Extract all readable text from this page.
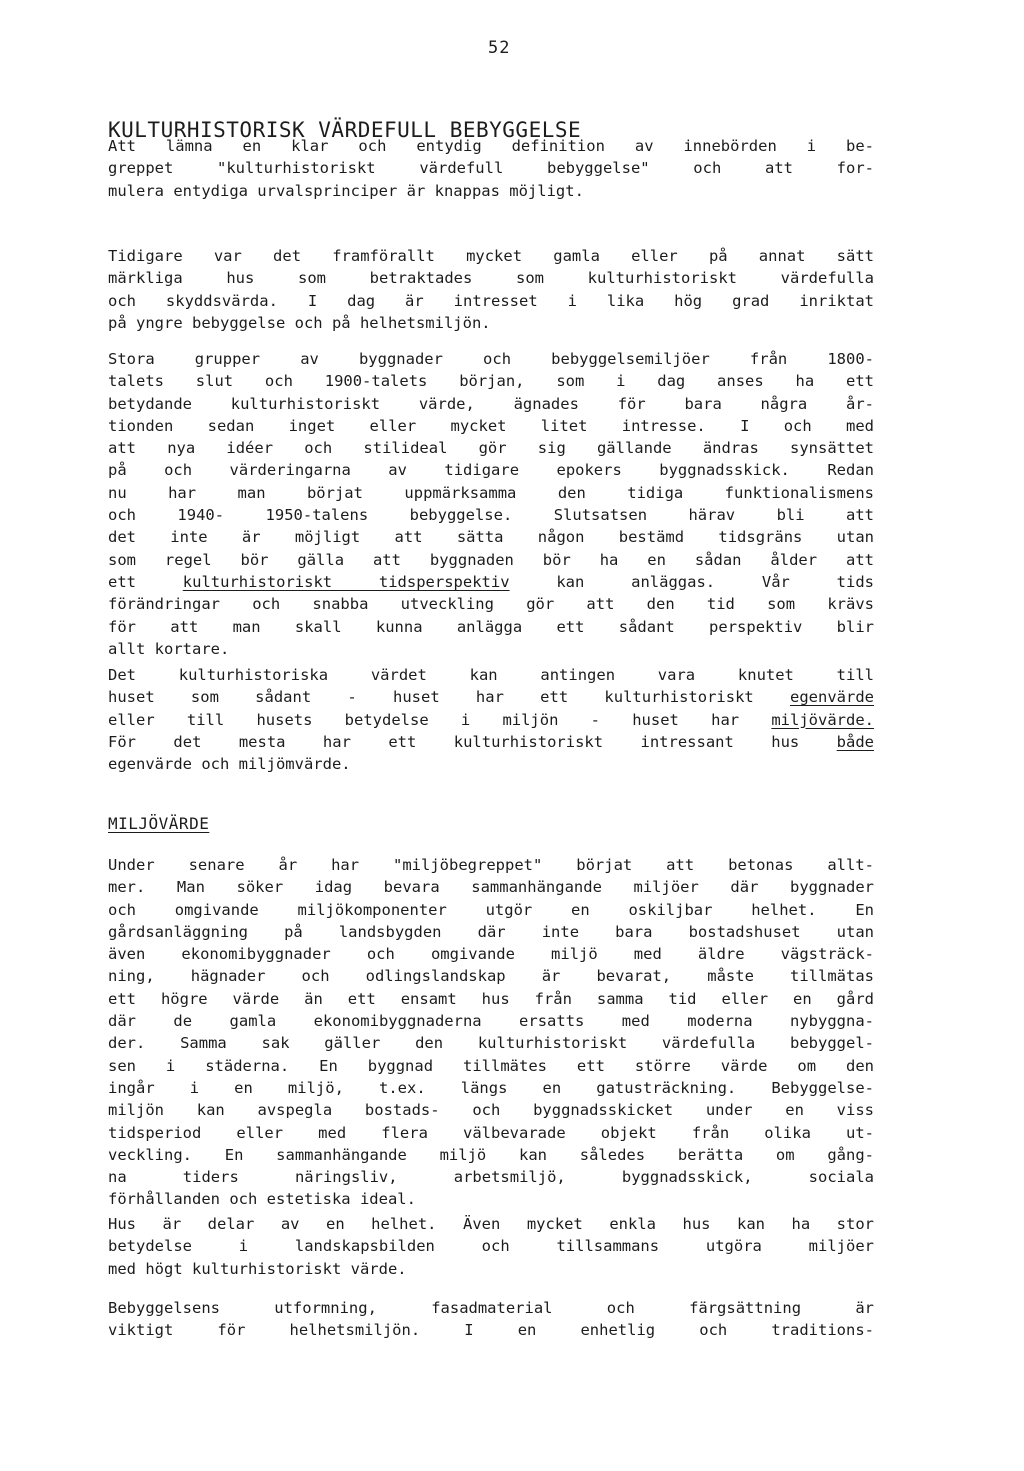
52
KULTURHISTORISK VÄRDEFULL BEBYGGELSE
Att lämna en klar och entydig definition av innebörden i be-
greppet "kulturhistoriskt värdefull bebyggelse" och att for-
mulera entydiga urvalsprinciper är knappas möjligt.
Tidigare var det framförallt mycket gamla eller på annat sätt
märkliga hus som betraktades som kulturhistoriskt värdefulla
och skyddsvärda. I dag är intresset i lika hög grad inriktat
på yngre bebyggelse och på helhetsmiljön.
Stora grupper av byggnader och bebyggelsemiljöer från 1800-
talets slut och 1900-talets början, som i dag anses ha ett
betydande kulturhistoriskt värde, ägnades för bara några år-
tionden sedan inget eller mycket litet intresse. I och med
att nya idéer och stilideal gör sig gällande ändras synsättet
på och värderingarna av tidigare epokers byggnadsskick. Redan
nu har man börjat uppmärksamma den tidiga funktionalismens
och 1940- 1950-talens bebyggelse. Slutsatsen härav bli att
det inte är möjligt att sätta någon bestämd tidsgräns utan
som regel bör gälla att byggnaden bör ha en sådan ålder att
ett kulturhistoriskt tidsperspektiv kan anläggas. Vår tids
förändringar och snabba utveckling gör att den tid som krävs
för att man skall kunna anlägga ett sådant perspektiv blir
allt kortare.
Det kulturhistoriska värdet kan antingen vara knutet till
huset som sådant - huset har ett kulturhistoriskt egenvärde
eller till husets betydelse i miljön - huset har miljövärde.
För det mesta har ett kulturhistoriskt intressant hus både
egenvärde och miljömvärde.
MILJÖVÄRDE
Under senare år har "miljöbegreppet" börjat att betonas allt-
mer. Man söker idag bevara sammanhängande miljöer där byggnader
och omgivande miljökomponenter utgör en oskiljbar helhet. En
gårdsanläggning på landsbygden där inte bara bostadshuset utan
även ekonomibyggnader och omgivande miljö med äldre vägsträck-
ning, hägnader och odlingslandskap är bevarat, måste tillmätas
ett högre värde än ett ensamt hus från samma tid eller en gård
där de gamla ekonomibyggnaderna ersatts med moderna nybyggna-
der. Samma sak gäller den kulturhistoriskt värdefulla bebyggel-
sen i städerna. En byggnad tillmätes ett större värde om den
ingår i en miljö, t.ex. längs en gatusträckning. Bebyggelse-
miljön kan avspegla bostads- och byggnadsskicket under en viss
tidsperiod eller med flera välbevarade objekt från olika ut-
veckling. En sammanhängande miljö kan således berätta om gång-
na tiders näringsliv, arbetsmiljö, byggnadsskick, sociala
förhållanden och estetiska ideal.
Hus är delar av en helhet. Även mycket enkla hus kan ha stor
betydelse i landskapsbilden och tillsammans utgöra miljöer
med högt kulturhistoriskt värde.
Bebyggelsens utformning, fasadmaterial och färgsättning är
viktigt för helhetsmiljön. I en enhetlig och traditions-
